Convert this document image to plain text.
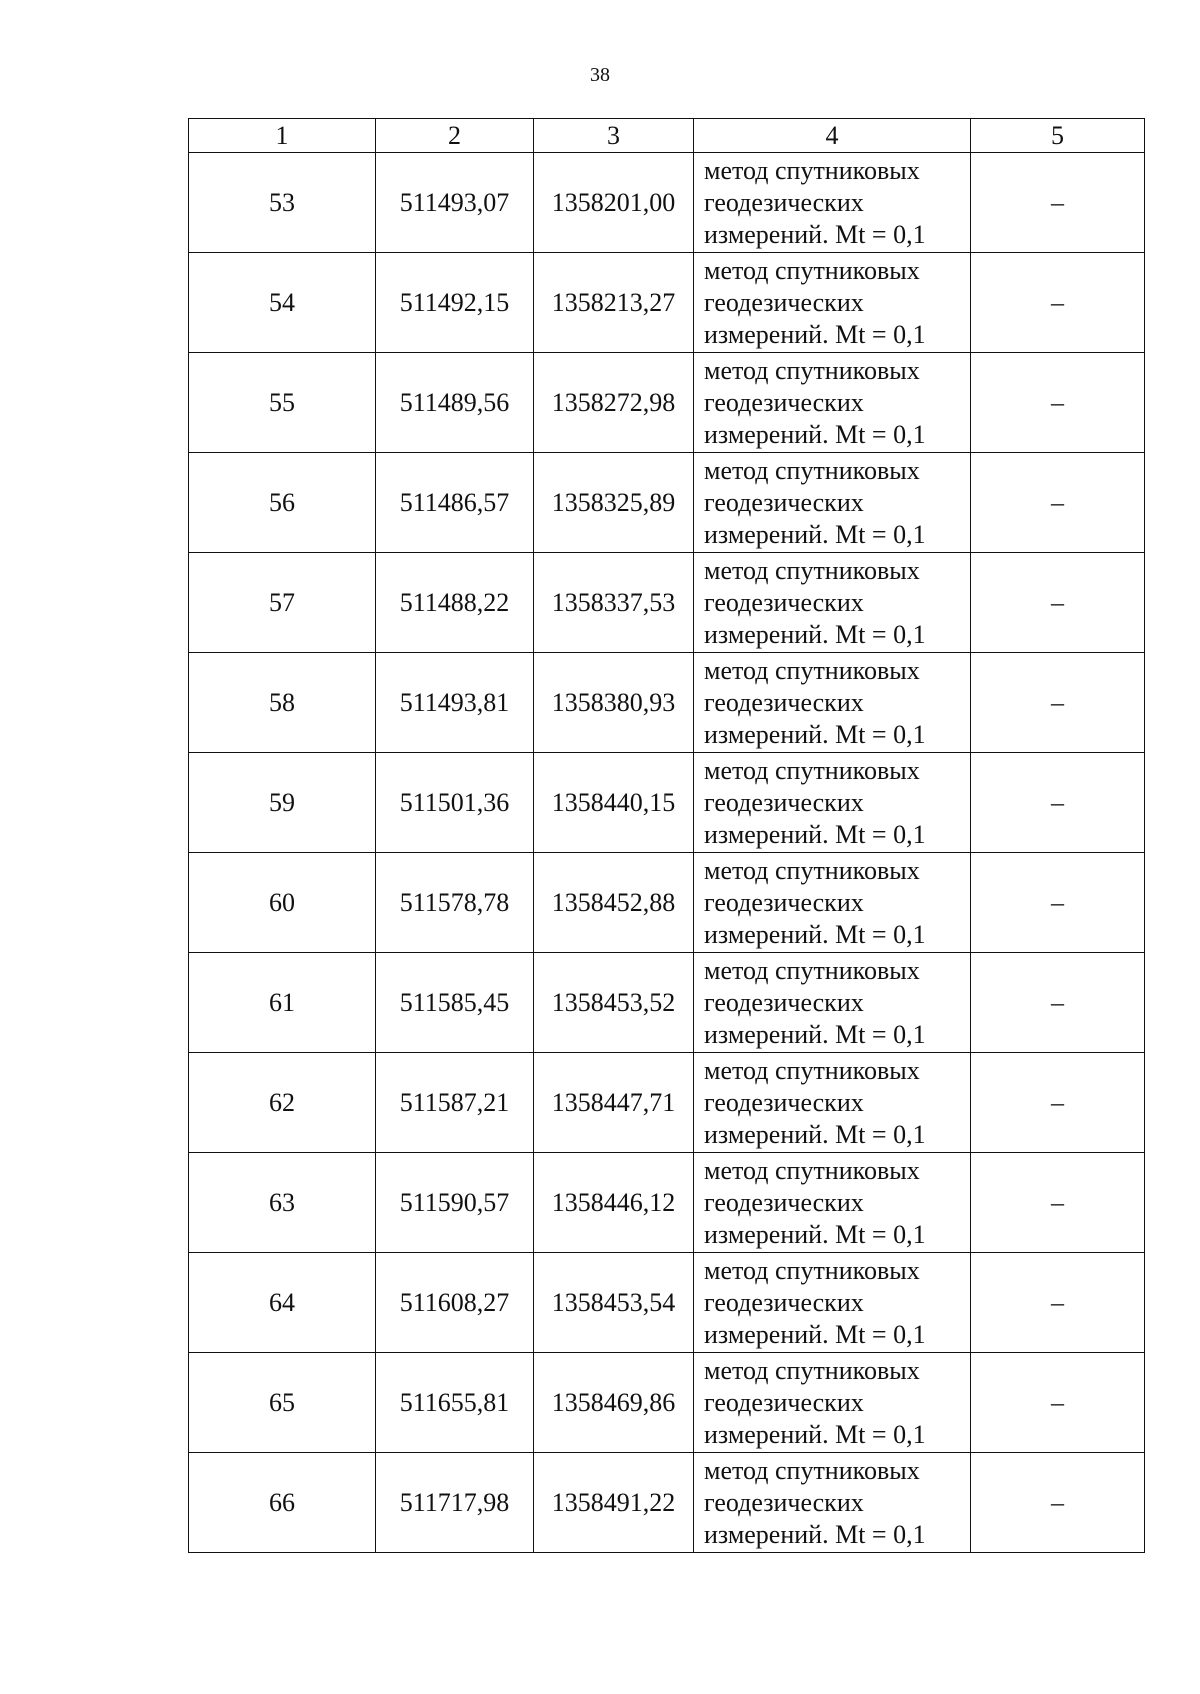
38
1	2	3	4	5
53	511493,07	1358201,00	метод спутниковых
геодезических
измерений. Mt = 0,1	–
54	511492,15	1358213,27	метод спутниковых
геодезических
измерений. Mt = 0,1	–
55	511489,56	1358272,98	метод спутниковых
геодезических
измерений. Mt = 0,1	–
56	511486,57	1358325,89	метод спутниковых
геодезических
измерений. Mt = 0,1	–
57	511488,22	1358337,53	метод спутниковых
геодезических
измерений. Mt = 0,1	–
58	511493,81	1358380,93	метод спутниковых
геодезических
измерений. Mt = 0,1	–
59	511501,36	1358440,15	метод спутниковых
геодезических
измерений. Mt = 0,1	–
60	511578,78	1358452,88	метод спутниковых
геодезических
измерений. Mt = 0,1	–
61	511585,45	1358453,52	метод спутниковых
геодезических
измерений. Mt = 0,1	–
62	511587,21	1358447,71	метод спутниковых
геодезических
измерений. Mt = 0,1	–
63	511590,57	1358446,12	метод спутниковых
геодезических
измерений. Mt = 0,1	–
64	511608,27	1358453,54	метод спутниковых
геодезических
измерений. Mt = 0,1	–
65	511655,81	1358469,86	метод спутниковых
геодезических
измерений. Mt = 0,1	–
66	511717,98	1358491,22	метод спутниковых
геодезических
измерений. Mt = 0,1	–
